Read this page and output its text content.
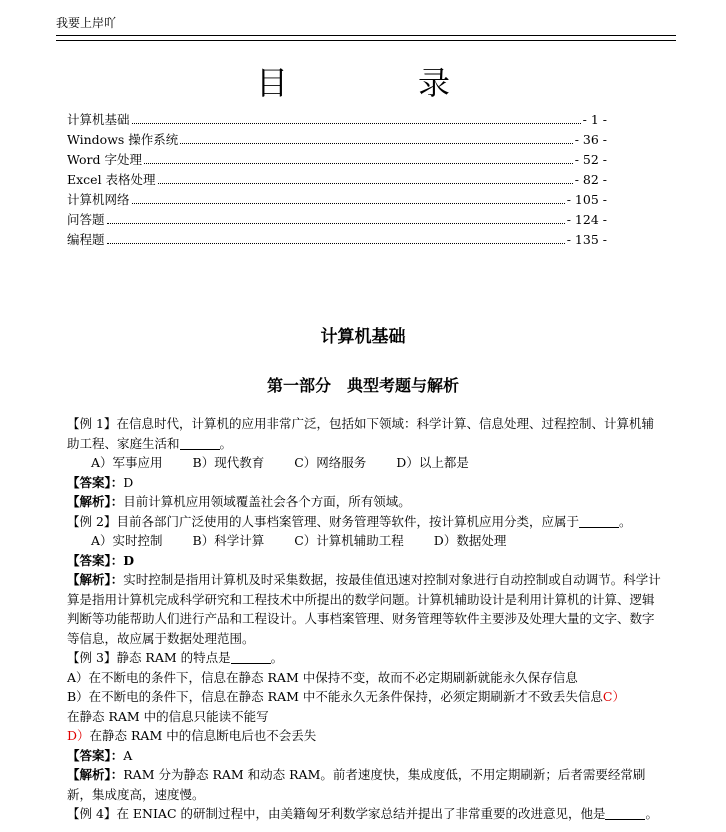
我要上岸吖
目录
计算机基础	- 1 -
Windows 操作系统	- 36 -
Word 字处理	- 52 -
Excel 表格处理	- 82 -
计算机网络	- 105 -
问答题	- 124 -
编程题	- 135 -
计算机基础
第一部分　典型考题与解析

【例 1】在信息时代，计算机的应用非常广泛，包括如下领域：科学计算、信息处理、过程控制、计算机辅助工程、家庭生活和	。

A）军事应用 B）现代教育 C）网络服务 D）以上都是

【答案】：D

【解析】：目前计算机应用领域覆盖社会各个方面，所有领域。

【例 2】目前各部门广泛使用的人事档案管理、财务管理等软件，按计算机应用分类，应属于	。

A）实时控制 B）科学计算 C）计算机辅助工程 D）数据处理

【答案】：D

【解析】：实时控制是指用计算机及时采集数据，按最佳值迅速对控制对象进行自动控制或自动调节。科学计算是指用计算机完成科学研究和工程技术中所提出的数学问题。计算机辅助设计是利用计算机的计算、逻辑判断等功能帮助人们进行产品和工程设计。人事档案管理、财务管理等软件主要涉及处理大量的文字、数字等信息，故应属于数据处理范围。

【例 3】静态 RAM 的特点是	。

A）在不断电的条件下，信息在静态 RAM 中保持不变，故而不必定期刷新就能永久保存信息

B）在不断电的条件下，信息在静态 RAM 中不能永久无条件保持，必须定期刷新才不致丢失信息C）

在静态 RAM 中的信息只能读不能写

D）在静态 RAM 中的信息断电后也不会丢失

【答案】：A

【解析】：RAM 分为静态 RAM 和动态 RAM。前者速度快，集成度低，不用定期刷新；后者需要经常刷新，集成度高，速度慢。

【例 4】在 ENIAC 的研制过程中，由美籍匈牙利数学家总结并提出了非常重要的改进意见，他是	。
